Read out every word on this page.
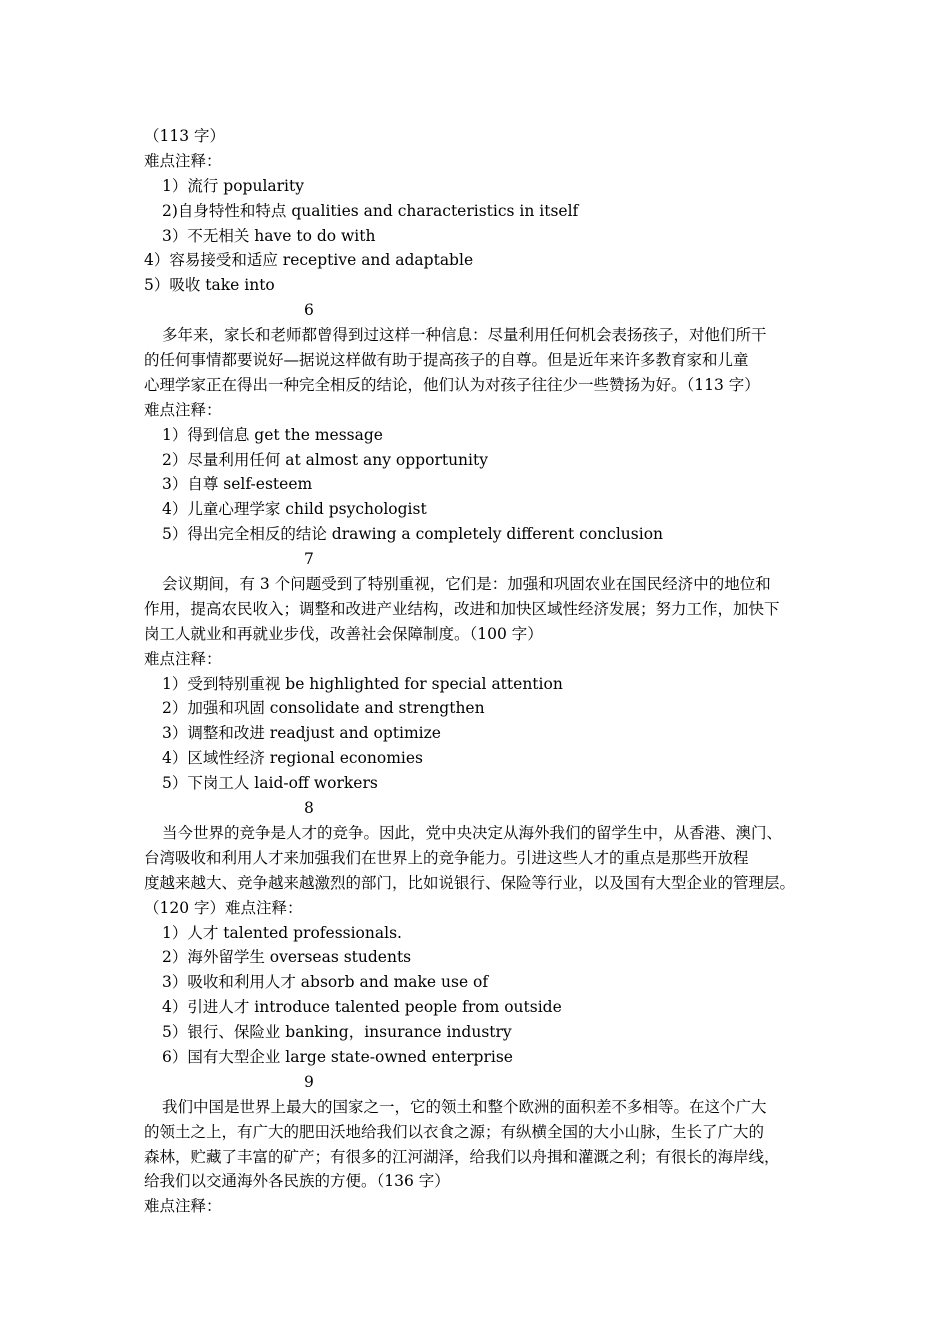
（113 字）
难点注释：
1）流行 popularity
2)自身特性和特点 qualities and characteristics in itself
3）不无相关 have to do with
4）容易接受和适应 receptive and adaptable
5）吸收 take into
6
多年来，家长和老师都曾得到过这样一种信息：尽量利用任何机会表扬孩子，对他们所干
的任何事情都要说好—据说这样做有助于提高孩子的自尊。但是近年来许多教育家和儿童
心理学家正在得出一种完全相反的结论，他们认为对孩子往往少一些赞扬为好。（113 字）
难点注释：
1）得到信息 get the message
2）尽量利用任何 at almost any opportunity
3）自尊 self-esteem
4）儿童心理学家 child psychologist
5）得出完全相反的结论 drawing a completely different conclusion
7
会议期间，有 3 个问题受到了特别重视，它们是：加强和巩固农业在国民经济中的地位和
作用，提高农民收入；调整和改进产业结构，改进和加快区域性经济发展；努力工作，加快下
岗工人就业和再就业步伐，改善社会保障制度。（100 字）
难点注释：
1）受到特别重视 be highlighted for special attention
2）加强和巩固 consolidate and strengthen
3）调整和改进 readjust and optimize
4）区域性经济 regional economies
5）下岗工人 laid-off workers
8
当今世界的竞争是人才的竞争。因此，党中央决定从海外我们的留学生中，从香港、澳门、
台湾吸收和利用人才来加强我们在世界上的竞争能力。引进这些人才的重点是那些开放程
度越来越大、竞争越来越激烈的部门，比如说银行、保险等行业，以及国有大型企业的管理层。
（120 字）难点注释：
1）人才 talented professionals.
2）海外留学生 overseas students
3）吸收和利用人才 absorb and make use of
4）引进人才 introduce talented people from outside
5）银行、保险业 banking，insurance industry
6）国有大型企业 large state-owned enterprise
9
我们中国是世界上最大的国家之一，它的领土和整个欧洲的面积差不多相等。在这个广大
的领土之上，有广大的肥田沃地给我们以衣食之源；有纵横全国的大小山脉，生长了广大的
森林，贮藏了丰富的矿产；有很多的江河湖泽，给我们以舟揖和灌溉之利；有很长的海岸线，
给我们以交通海外各民族的方便。（136 字）
难点注释：
